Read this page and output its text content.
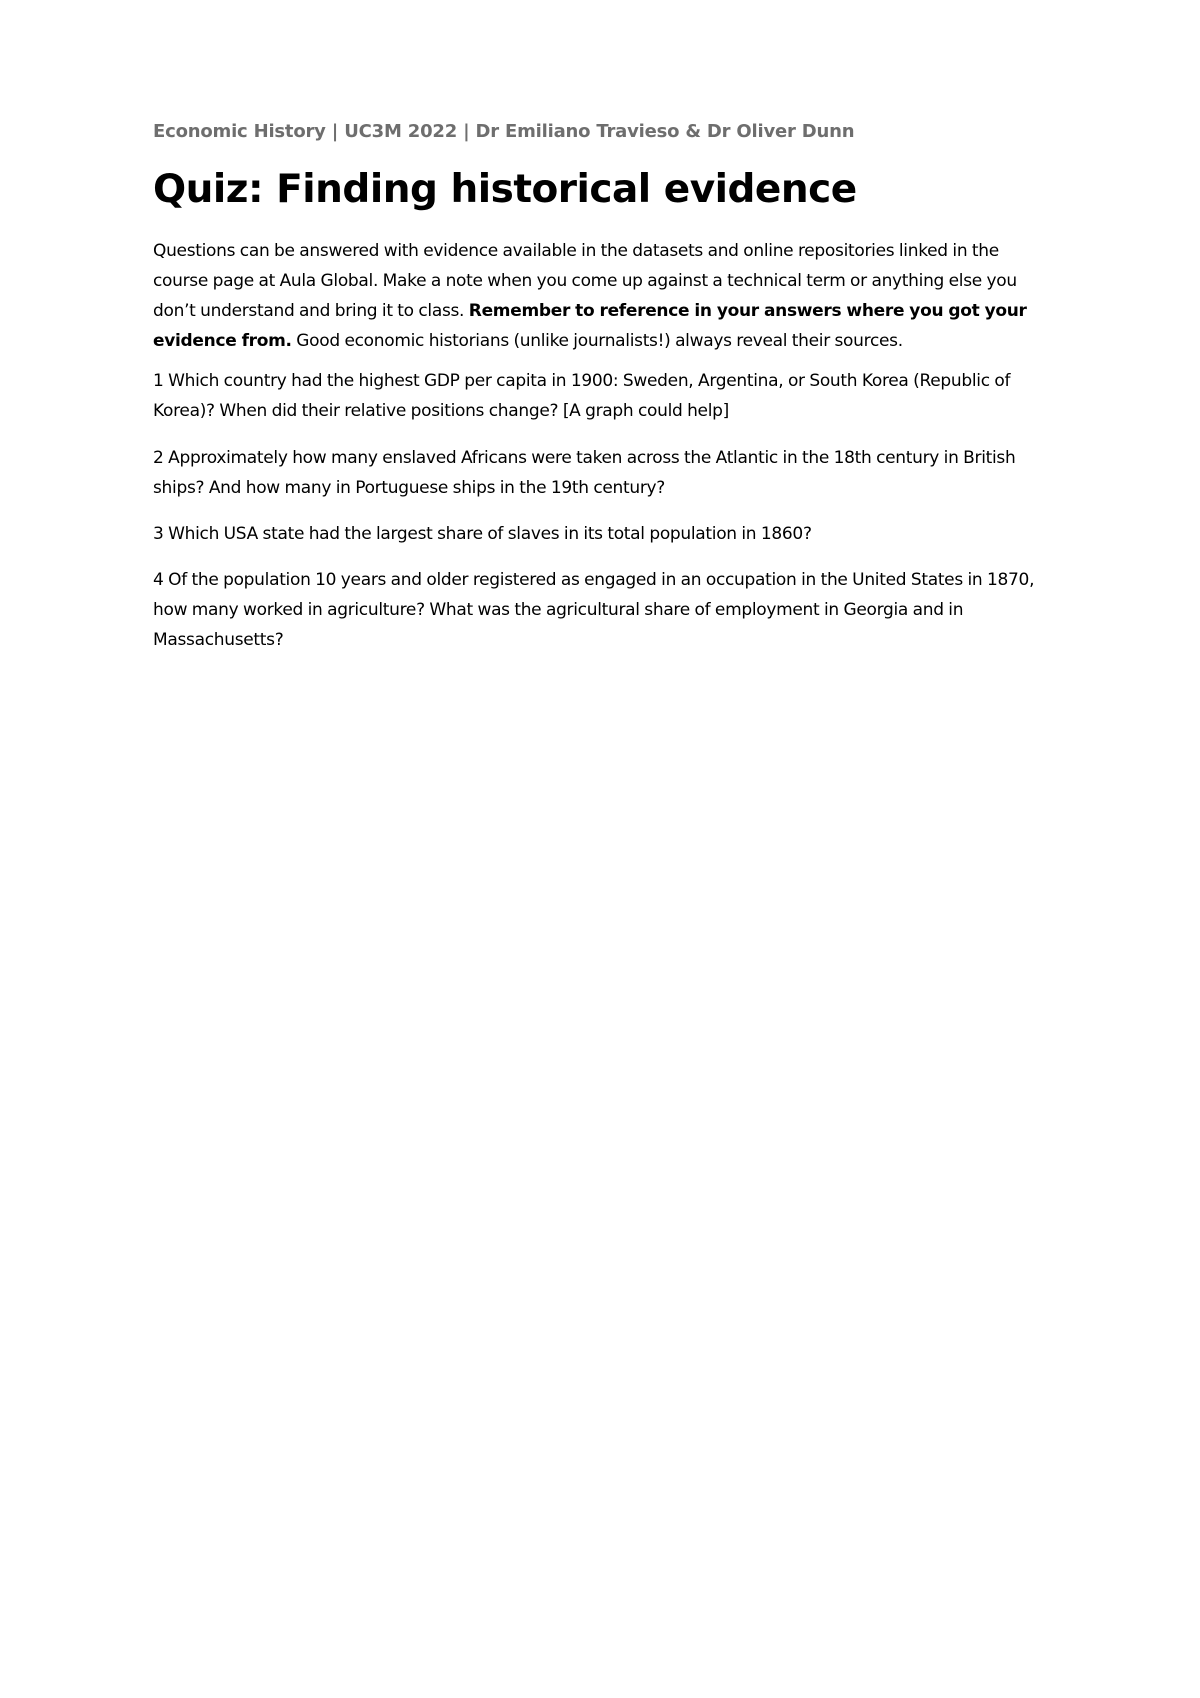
Economic History | UC3M 2022 | Dr Emiliano Travieso & Dr Oliver Dunn

Quiz: Finding historical evidence

Questions can be answered with evidence available in the datasets and online repositories linked in the course page at Aula Global. Make a note when you come up against a technical term or anything else you don’t understand and bring it to class. Remember to reference in your answers where you got your evidence from. Good economic historians (unlike journalists!) always reveal their sources.

1 Which country had the highest GDP per capita in 1900: Sweden, Argentina, or South Korea (Republic of Korea)? When did their relative positions change? [A graph could help]

2 Approximately how many enslaved Africans were taken across the Atlantic in the 18th century in British ships? And how many in Portuguese ships in the 19th century?

3 Which USA state had the largest share of slaves in its total population in 1860?

4 Of the population 10 years and older registered as engaged in an occupation in the United States in 1870, how many worked in agriculture? What was the agricultural share of employment in Georgia and in Massachusetts?
